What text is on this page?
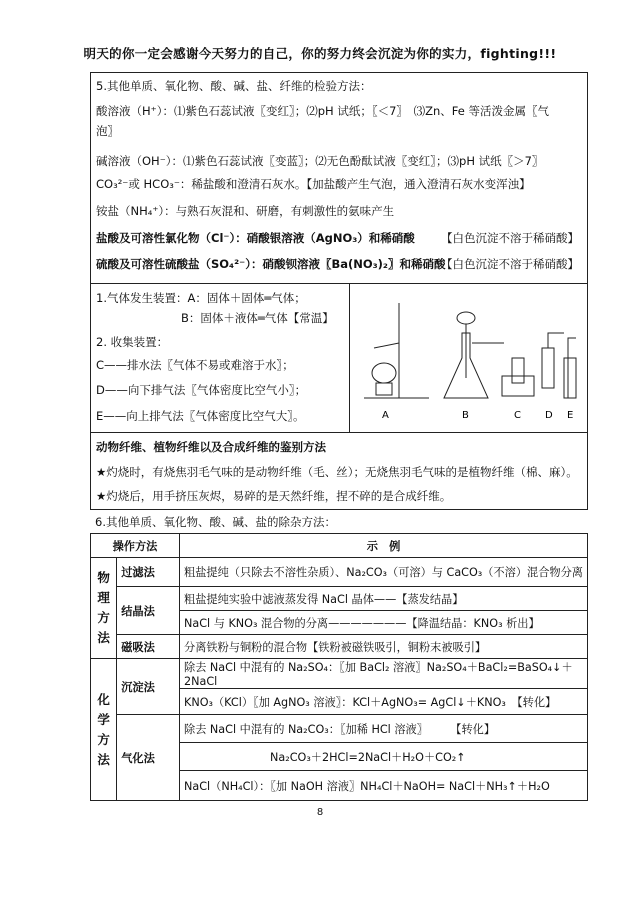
明天的你一定会感谢今天努力的自己，你的努力终会沉淀为你的实力，fighting!!!
5.其他单质、氧化物、酸、碱、盐、纤维的检验方法：
酸溶液（H⁺）：⑴紫色石蕊试液〖变红〗；⑵pH 试纸；〖＜7〗　⑶Zn、Fe 等活泼金属〖气
泡〗
碱溶液（OH⁻）：⑴紫色石蕊试液〖变蓝〗；⑵无色酚酞试液〖变红〗；⑶pH 试纸〖＞7〗
CO₃²⁻或 HCO₃⁻：稀盐酸和澄清石灰水。【加盐酸产生气泡，通入澄清石灰水变浑浊】
铵盐（NH₄⁺）：与熟石灰混和、研磨，有刺激性的氨味产生
盐酸及可溶性氯化物（Cl⁻）：硝酸银溶液（AgNO₃）和稀硝酸 【白色沉淀不溶于稀硝酸】
硫酸及可溶性硫酸盐（SO₄²⁻）：硝酸钡溶液〖Ba(NO₃)₂〗和稀硝酸
【白色沉淀不溶于稀硝酸】
1.气体发生装置：A：固体＋固体═气体；
B：固体＋液体═气体【常温】
2. 收集装置：
C——排水法〖气体不易或难溶于水〗；
D——向下排气法〖气体密度比空气小〗；
E——向上排气法〖气体密度比空气大〗。	A	B	C D E
动物纤维、植物纤维以及合成纤维的鉴别方法
★灼烧时，有烧焦羽毛气味的是动物纤维（毛、丝）；无烧焦羽毛气味的是植物纤维（棉、麻）。
★灼烧后，用手挤压灰烬，易碎的是天然纤维，捏不碎的是合成纤维。
6.其他单质、氧化物、酸、碱、盐的除杂方法：
操作方法		示　例
物理方法	过滤法	粗盐提纯（只除去不溶性杂质）、Na₂CO₃（可溶）与 CaCO₃（不溶）混合物分离
	结晶法	粗盐提纯实验中滤液蒸发得 NaCl 晶体——【蒸发结晶】
		NaCl 与 KNO₃ 混合物的分离———————【降温结晶：KNO₃ 析出】
	磁吸法	分离铁粉与铜粉的混合物【铁粉被磁铁吸引，铜粉末被吸引】
化学方法	沉淀法	除去 NaCl 中混有的 Na₂SO₄：〖加 BaCl₂ 溶液〗Na₂SO₄＋BaCl₂=BaSO₄↓＋2NaCl
		KNO₃（KCl）〖加 AgNO₃ 溶液〗：KCl＋AgNO₃= AgCl↓＋KNO₃　【转化】
	气化法	除去 NaCl 中混有的 Na₂CO₃：〖加稀 HCl 溶液〗　　　【转化】
		Na₂CO₃＋2HCl=2NaCl＋H₂O＋CO₂↑
		NaCl（NH₄Cl）：〖加 NaOH 溶液〗NH₄Cl＋NaOH= NaCl＋NH₃↑＋H₂O
8
